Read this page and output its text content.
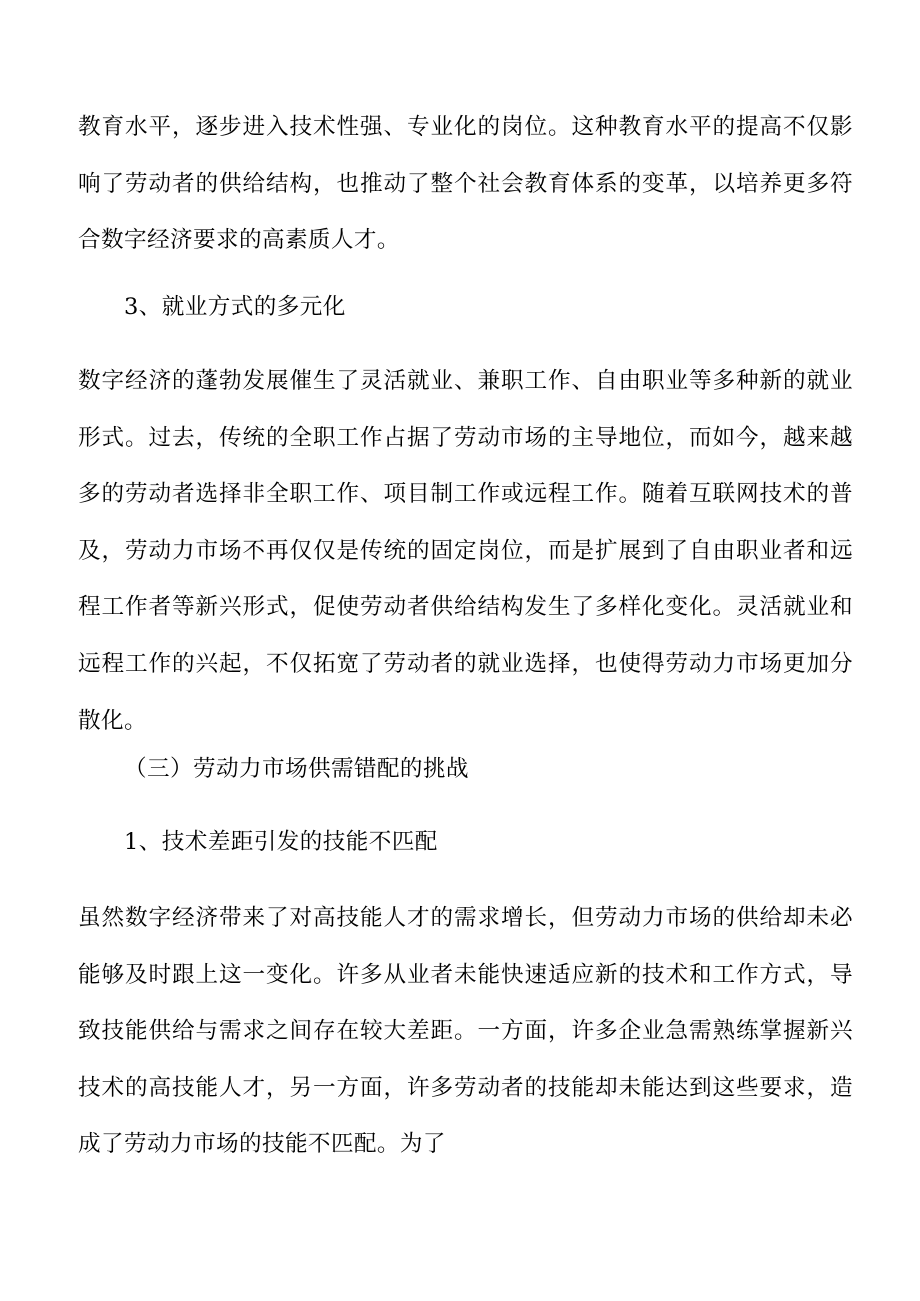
教育水平，逐步进入技术性强、专业化的岗位。这种教育水平的提高不仅影响了劳动者的供给结构，也推动了整个社会教育体系的变革，以培养更多符合数字经济要求的高素质人才。

3、就业方式的多元化

数字经济的蓬勃发展催生了灵活就业、兼职工作、自由职业等多种新的就业形式。过去，传统的全职工作占据了劳动市场的主导地位，而如今，越来越多的劳动者选择非全职工作、项目制工作或远程工作。随着互联网技术的普及，劳动力市场不再仅仅是传统的固定岗位，而是扩展到了自由职业者和远程工作者等新兴形式，促使劳动者供给结构发生了多样化变化。灵活就业和远程工作的兴起，不仅拓宽了劳动者的就业选择，也使得劳动力市场更加分散化。

（三）劳动力市场供需错配的挑战

1、技术差距引发的技能不匹配

虽然数字经济带来了对高技能人才的需求增长，但劳动力市场的供给却未必能够及时跟上这一变化。许多从业者未能快速适应新的技术和工作方式，导致技能供给与需求之间存在较大差距。一方面，许多企业急需熟练掌握新兴技术的高技能人才，另一方面，许多劳动者的技能却未能达到这些要求，造成了劳动力市场的技能不匹配。为了
